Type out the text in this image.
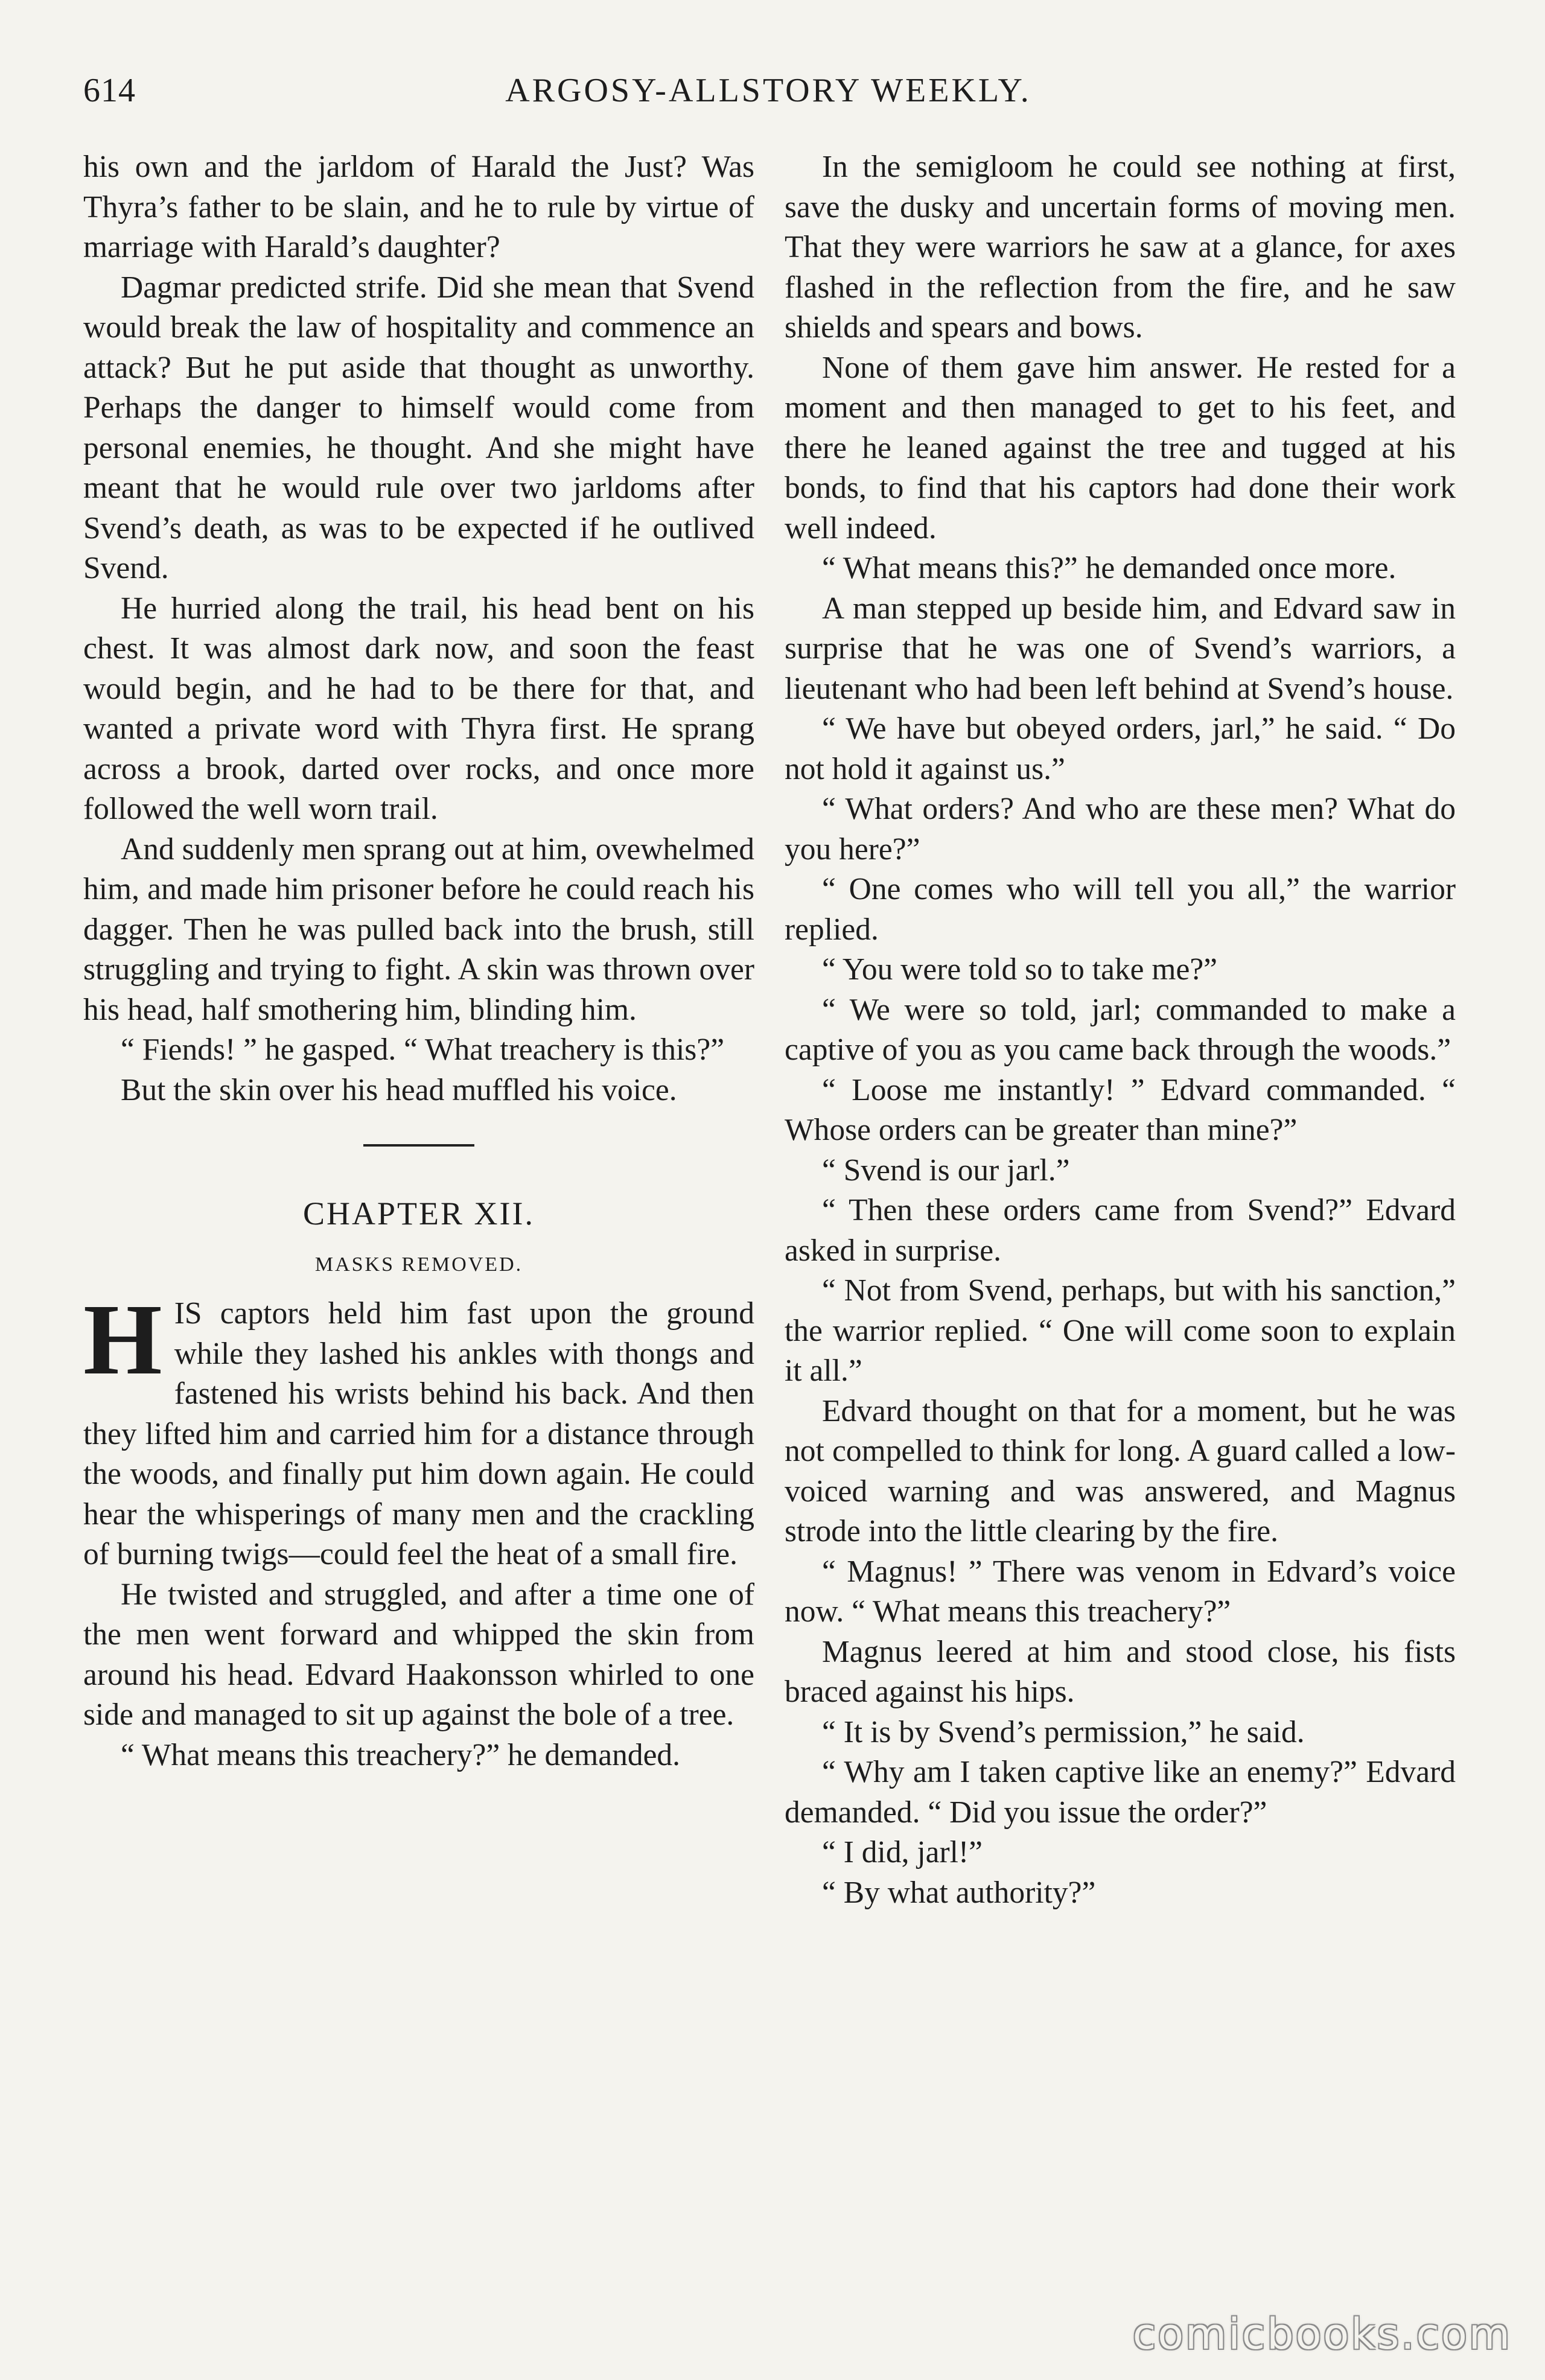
614	ARGOSY-ALLSTORY WEEKLY.

his own and the jarldom of Harald the Just? Was Thyra’s father to be slain, and he to rule by virtue of marriage with Harald’s daughter?

Dagmar predicted strife. Did she mean that Svend would break the law of hospitality and commence an attack? But he put aside that thought as unworthy. Perhaps the danger to himself would come from personal enemies, he thought. And she might have meant that he would rule over two jarldoms after Svend’s death, as was to be expected if he outlived Svend.

He hurried along the trail, his head bent on his chest. It was almost dark now, and soon the feast would begin, and he had to be there for that, and wanted a private word with Thyra first. He sprang across a brook, darted over rocks, and once more followed the well worn trail.

And suddenly men sprang out at him, ovewhelmed him, and made him prisoner before he could reach his dagger. Then he was pulled back into the brush, still struggling and trying to fight. A skin was thrown over his head, half smothering him, blinding him.

“ Fiends! ” he gasped. “ What treachery is this?”

But the skin over his head muffled his voice.

CHAPTER XII.
MASKS REMOVED.

HIS captors held him fast upon the ground while they lashed his ankles with thongs and fastened his wrists behind his back. And then they lifted him and carried him for a distance through the woods, and finally put him down again. He could hear the whisperings of many men and the crackling of burning twigs—could feel the heat of a small fire.

He twisted and struggled, and after a time one of the men went forward and whipped the skin from around his head. Edvard Haakonsson whirled to one side and managed to sit up against the bole of a tree.

“ What means this treachery?” he demanded.

In the semigloom he could see nothing at first, save the dusky and uncertain forms of moving men. That they were warriors he saw at a glance, for axes flashed in the reflection from the fire, and he saw shields and spears and bows.

None of them gave him answer. He rested for a moment and then managed to get to his feet, and there he leaned against the tree and tugged at his bonds, to find that his captors had done their work well indeed.

“ What means this?” he demanded once more.

A man stepped up beside him, and Edvard saw in surprise that he was one of Svend’s warriors, a lieutenant who had been left behind at Svend’s house.

“ We have but obeyed orders, jarl,” he said. “ Do not hold it against us.”

“ What orders? And who are these men? What do you here?”

“ One comes who will tell you all,” the warrior replied.

“ You were told so to take me?”

“ We were so told, jarl; commanded to make a captive of you as you came back through the woods.”

“ Loose me instantly! ” Edvard commanded. “ Whose orders can be greater than mine?”

“ Svend is our jarl.”

“ Then these orders came from Svend?” Edvard asked in surprise.

“ Not from Svend, perhaps, but with his sanction,” the warrior replied. “ One will come soon to explain it all.”

Edvard thought on that for a moment, but he was not compelled to think for long. A guard called a low-voiced warning and was answered, and Magnus strode into the little clearing by the fire.

“ Magnus! ” There was venom in Edvard’s voice now. “ What means this treachery?”

Magnus leered at him and stood close, his fists braced against his hips.

“ It is by Svend’s permission,” he said.

“ Why am I taken captive like an enemy?” Edvard demanded. “ Did you issue the order?”

“ I did, jarl!”

“ By what authority?”

comicbooks.com
